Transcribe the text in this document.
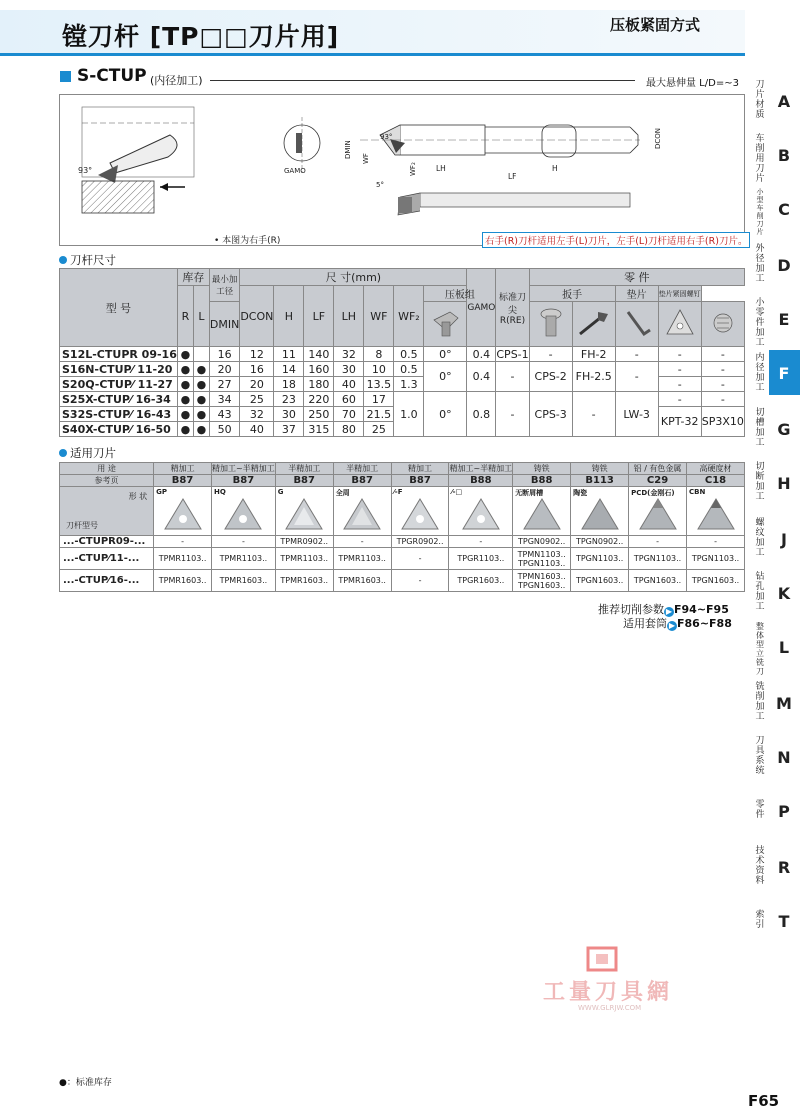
镗刀杆 [TP□□刀片用]	压板紧固方式
S-CTUP (内径加工)	最大悬伸量 L/D=~3
93°	GAMO
DMIN
93°
WF
WF₂	LH
LF
H
DCON
5°
• 本图为右手(R)	右手(R)刀杆适用左手(L)刀片，左手(L)刀杆适用右手(R)刀片。
刀杆尺寸
型 号	库存		最小加工径	尺 寸(mm)							GAMO	标准刀尖R(RE)	零 件				
	R	L		DCON	H	LF	LH	WF	WF₂	压板组			扳手		垫片	垫片紧固螺钉	
			DMIN						
S12L-CTUPR 09-16	●		16	12	11	140	32	8	0.5	0°	0.4	CPS-1	-	FH-2	-	-	-
S16N-CTUP⁄ 11-20	●	●	20	16	14	160	30	10	0.5	0°	0.4	-	CPS-2	FH-2.5	-	-	-
S20Q-CTUP⁄ 11-27	●	●	27	20	18	180	40	13.5	1.3							-	-
S25X-CTUP⁄ 16-34	●	●	34	25	23	220	60	17	1.0	0°	0.8	-	CPS-3	-	LW-3	-	-
S32S-CTUP⁄ 16-43	●	●	43	32	30	250	70	21.5								KPT-32	SP3X10
S40X-CTUP⁄ 16-50	●	●	50	40	37	315	80	25									
适用刀片
用 途	精加工	精加工~半精加工	半精加工	半精加工	精加工	精加工~半精加工	铸铁	铸铁	铝 / 有色金属	高硬度材
参考页	B87	B87	B87	B87	B87	B88	B88	B113	C29	C18

形 状
刀杆型号	GP	HQ	G	全周	⁄-F	⁄-□	无断屑槽	陶瓷	PCD(金刚石)	CBN

...-CTUPR09-...	-	-	TPMR0902..	-	TPGR0902..	-	TPGN0902..	TPGN0902..	-	-
...-CTUP⁄11-...	TPMR1103..	TPMR1103..	TPMR1103..	TPMR1103..	-	TPGR1103..	TPMN1103.. TPGN1103..	TPGN1103..	TPGN1103..	TPGN1103..
...-CTUP⁄16-...	TPMR1603..	TPMR1603..	TPMR1603..	TPMR1603..	-	TPGR1603..	TPMN1603.. TPGN1603..	TPGN1603..	TPGN1603..	TPGN1603..
推荐切削参数 ▶ F94~F95
适用套筒 ▶ F86~F88
刀片材质
A
车削用刀片
B
小型车削刀片
C
外径加工
D
小零件加工
E
内径加工
F
切槽加工
G
切断加工
H
螺纹加工
J
钻孔加工
K
整体型立铣刀
L
铣削加工
M
刀具系统
N
零件 P
技术资料
R
索引 T
工量刀具網
WWW.GLRJW.COM
●：标准库存
F65
